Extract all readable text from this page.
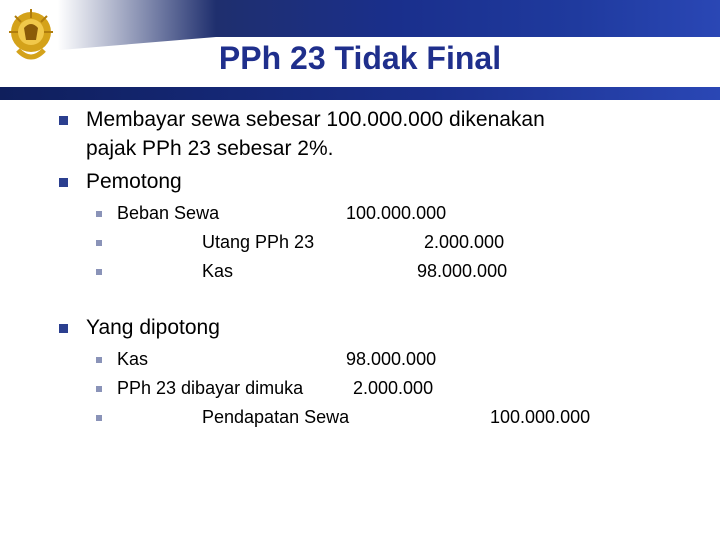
PPh 23 Tidak Final
Membayar sewa sebesar 100.000.000 dikenakan
pajak PPh 23 sebesar 2%.
Pemotong
Beban Sewa	100.000.000
Utang PPh 23	2.000.000
Kas	98.000.000
Yang dipotong
Kas	98.000.000
PPh 23 dibayar dimuka	2.000.000
Pendapatan Sewa	100.000.000
